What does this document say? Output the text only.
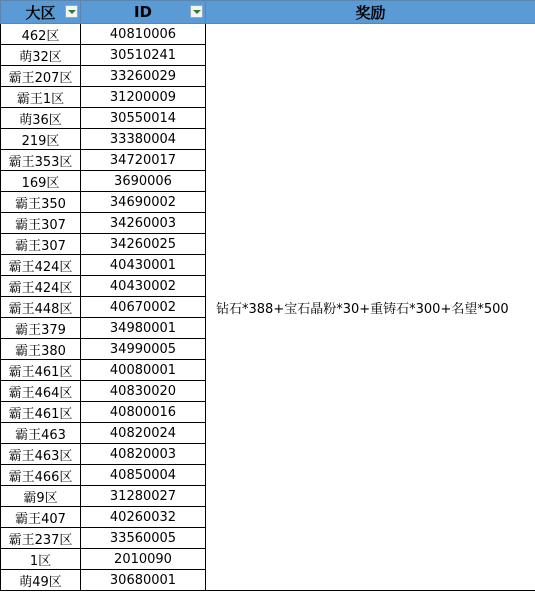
大区	ID	奖励
462区	40810006	钻石*388+宝石晶粉*30+重铸石*300+名望*500
萌32区	30510241	
霸王207区	33260029	
霸王1区	31200009	
萌36区	30550014	
219区	33380004	
霸王353区	34720017	
169区	3690006	
霸王350	34690002	
霸王307	34260003	
霸王307	34260025	
霸王424区	40430001	
霸王424区	40430002	
霸王448区	40670002	
霸王379	34980001	
霸王380	34990005	
霸王461区	40080001	
霸王464区	40830020	
霸王461区	40800016	
霸王463	40820024	
霸王463区	40820003	
霸王466区	40850004	
霸9区	31280027	
霸王407	40260032	
霸王237区	33560005	
1区	2010090	
萌49区	30680001	
